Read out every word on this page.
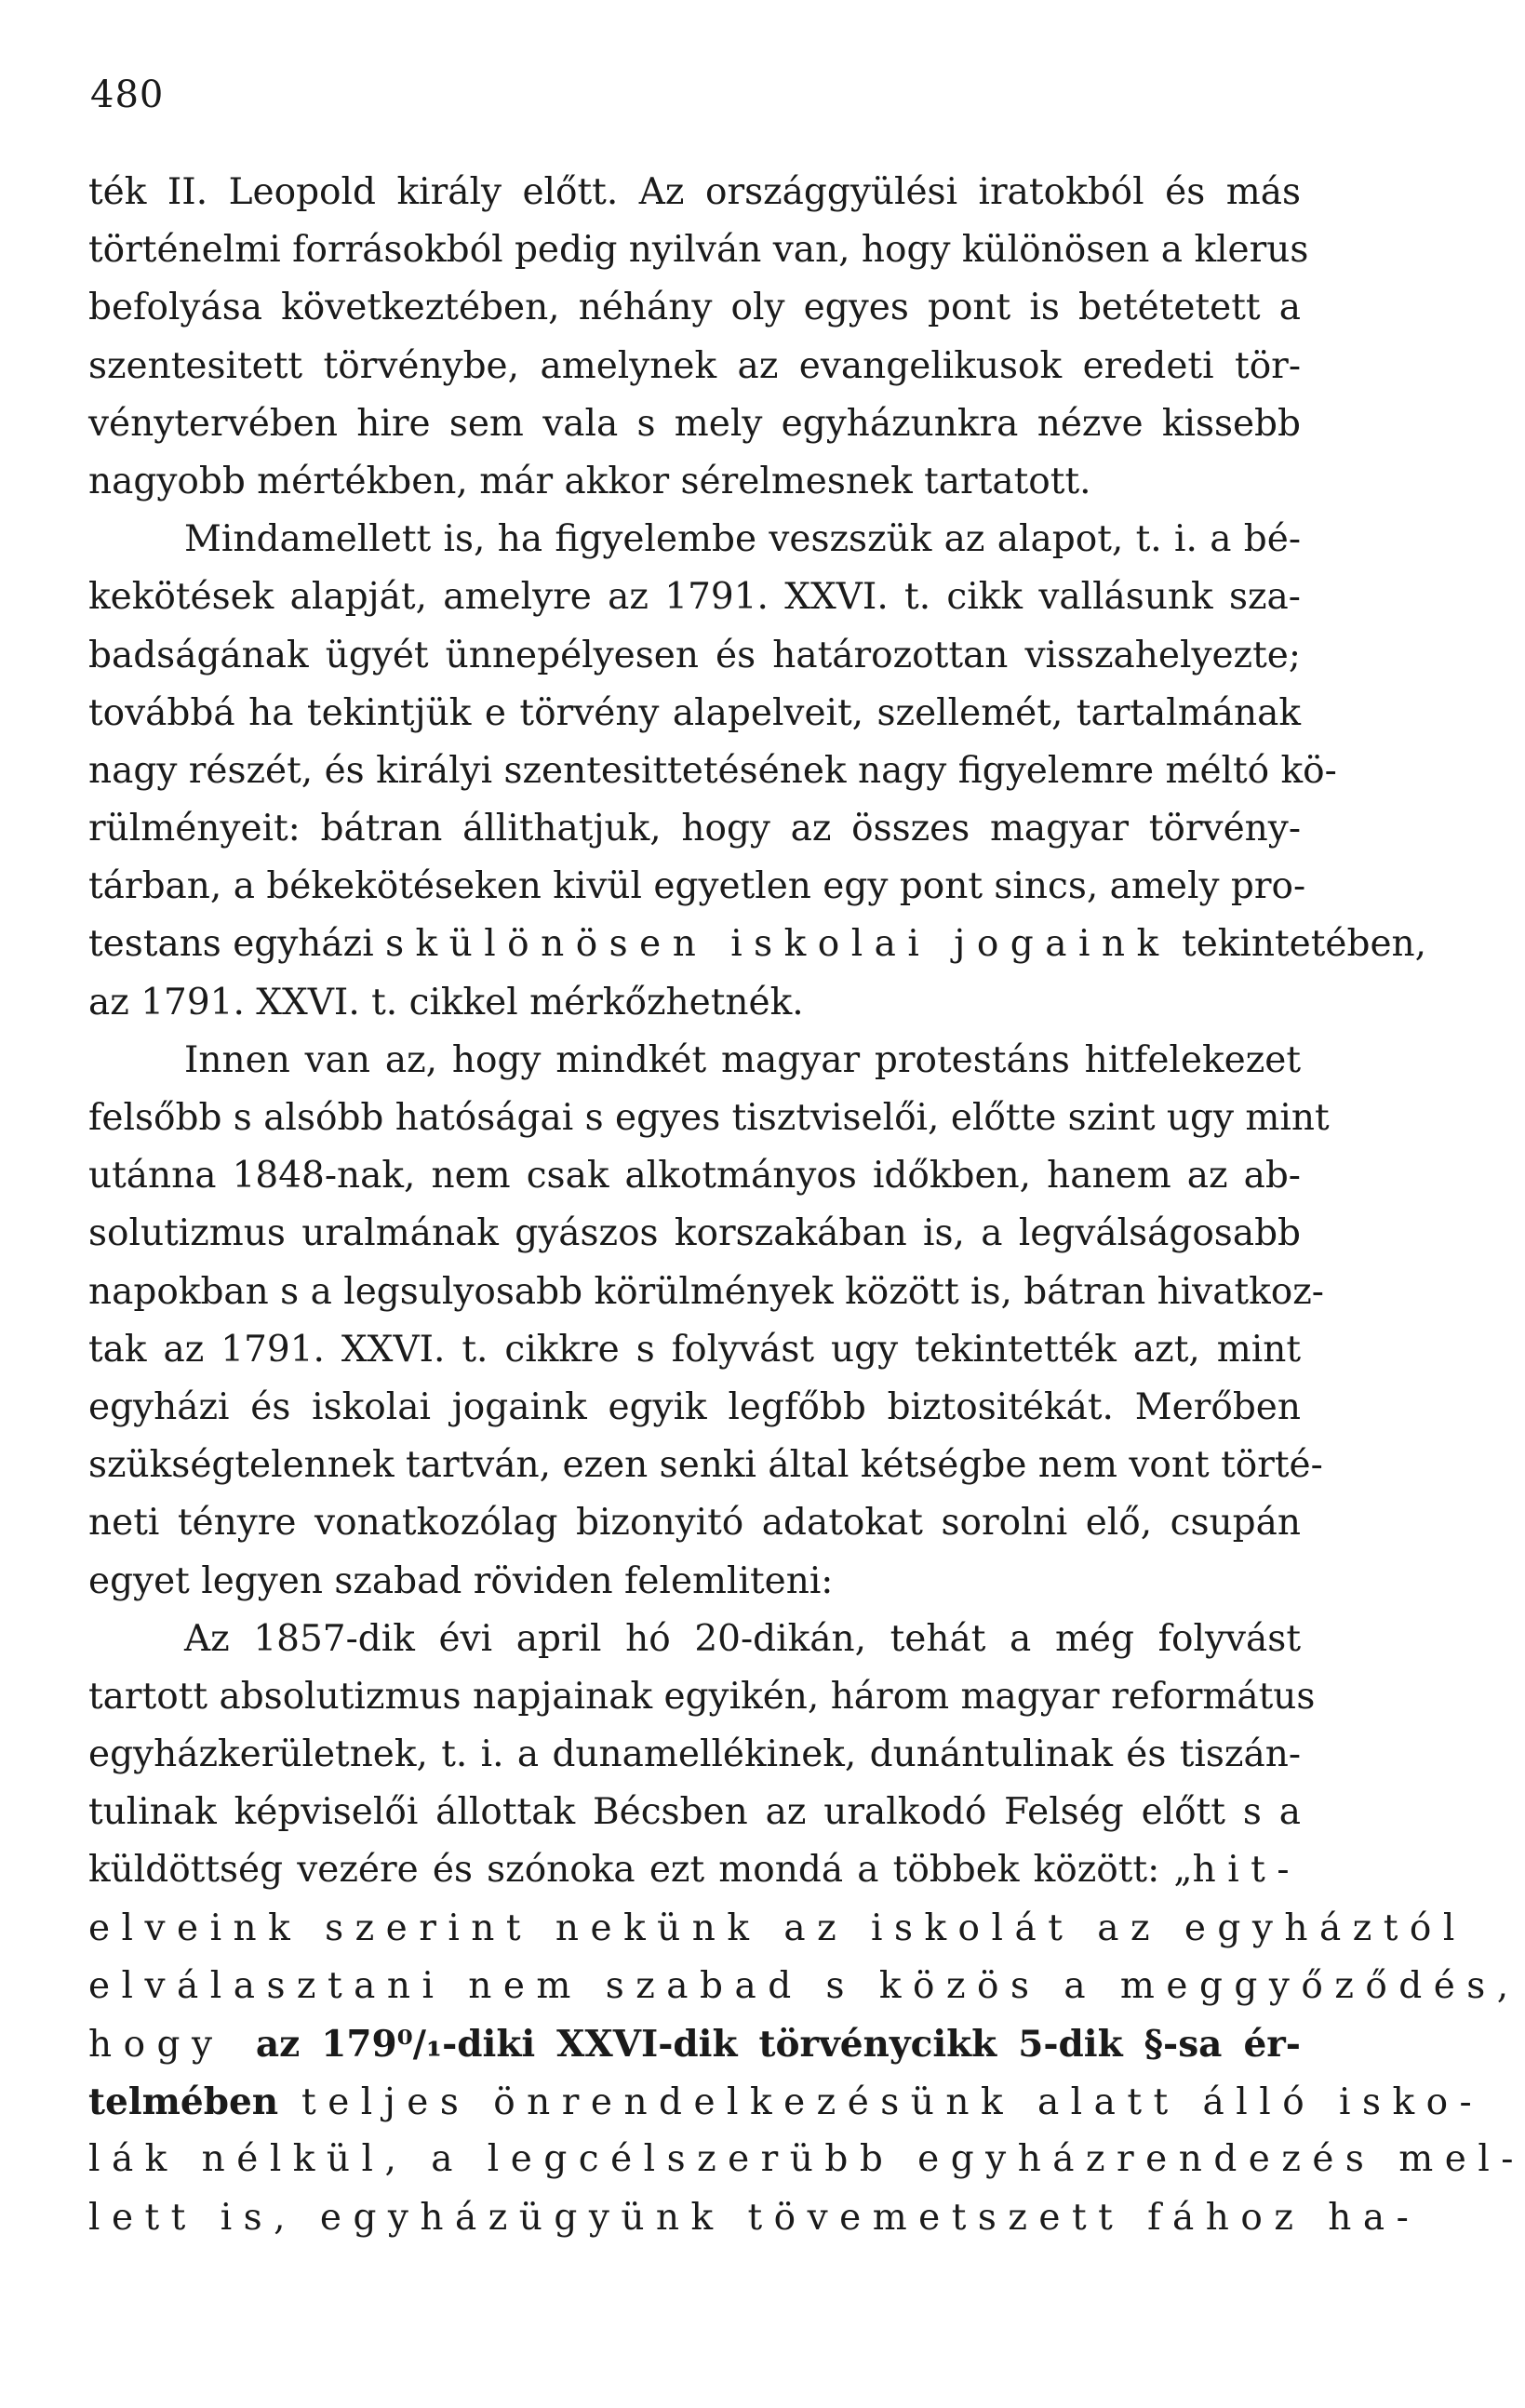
480
ték II. Leopold király előtt. Az országgyülési iratokból és más
történelmi forrásokból pedig nyilván van, hogy különösen a klerus
befolyása következtében, néhány oly egyes pont is betétetett a
szentesitett törvénybe, amelynek az evangelikusok eredeti tör-
vénytervében hire sem vala s mely egyházunkra nézve kissebb
nagyobb mértékben, már akkor sérelmesnek tartatott.
Mindamellett is, ha figyelembe veszszük az alapot, t. i. a bé-
kekötések alapját, amelyre az 1791. XXVI. t. cikk vallásunk sza-
badságának ügyét ünnepélyesen és határozottan visszahelyezte;
továbbá ha tekintjük e törvény alapelveit, szellemét, tartalmának
nagy részét, és királyi szentesittetésének nagy figyelemre méltó kö-
rülményeit: bátran állithatjuk, hogy az összes magyar törvény-
tárban, a békekötéseken kivül egyetlen egy pont sincs, amely pro-
testans egyházi s különösen iskolai jogaink tekintetében,
az 1791. XXVI. t. cikkel mérkőzhetnék.
Innen van az, hogy mindkét magyar protestáns hitfelekezet
felsőbb s alsóbb hatóságai s egyes tisztviselői, előtte szint ugy mint
utánna 1848-nak, nem csak alkotmányos időkben, hanem az ab-
solutizmus uralmának gyászos korszakában is, a legválságosabb
napokban s a legsulyosabb körülmények között is, bátran hivatkoz-
tak az 1791. XXVI. t. cikkre s folyvást ugy tekintették azt, mint
egyházi és iskolai jogaink egyik legfőbb biztositékát. Merőben
szükségtelennek tartván, ezen senki által kétségbe nem vont törté-
neti tényre vonatkozólag bizonyitó adatokat sorolni elő, csupán
egyet legyen szabad röviden felemliteni:
Az 1857-dik évi april hó 20-dikán, tehát a még folyvást
tartott absolutizmus napjainak egyikén, három magyar református
egyházkerületnek, t. i. a dunamellékinek, dunántulinak és tiszán-
tulinak képviselői állottak Bécsben az uralkodó Felség előtt s a
küldöttség vezére és szónoka ezt mondá a többek között: „hit-
elveink szerint nekünk az iskolát az egyháztól
elválasztani nem szabad s közös a meggyőződés,
hogy az 179⁰/₁-diki XXVI-dik törvénycikk 5-dik §-sa ér-
telmében teljes önrendelkezésünk alatt álló isko-
lák nélkül, a legcélszerübb egyházrendezés mel-
lett is, egyházügyünk tövemetszett fához ha-
